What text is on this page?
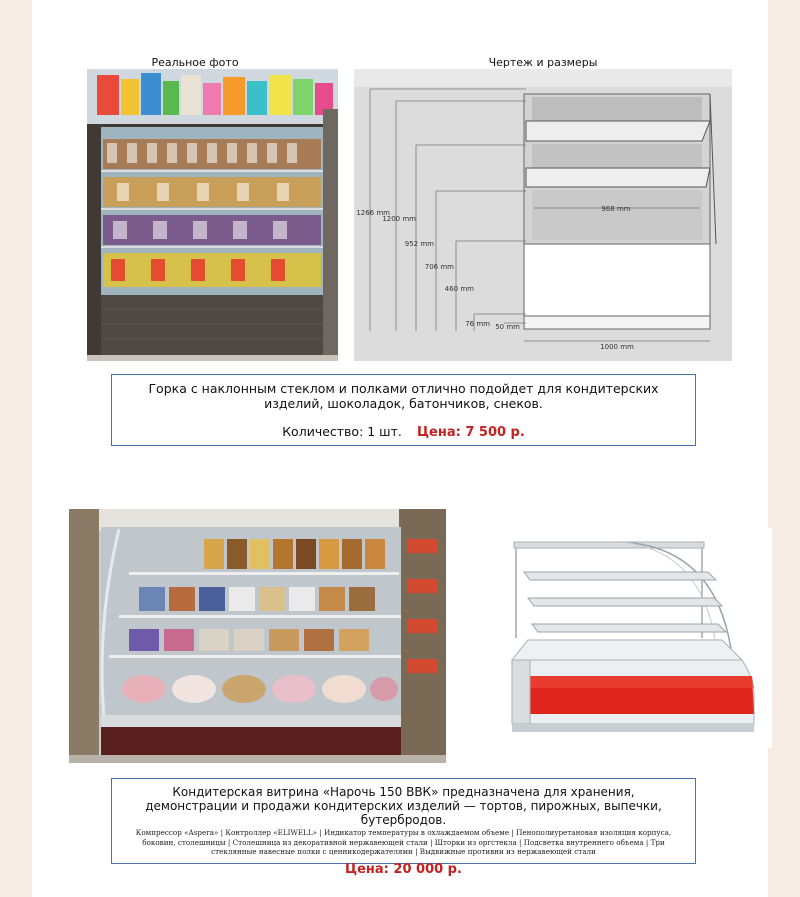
Реальное фото	Чертеж и размеры
1266 mm
1200 mm
952 mm
706 mm
460 mm
76 mm 50 mm
968 mm
1000 mm
Горка с наклонным стеклом и полками отлично подойдет для кондитерских изделий, шоколадок, батончиков, снеков.
Количество: 1 шт. Цена: 7 500 р.
Кондитерская витрина «Нарочь 150 ВВК» предназначена для хранения, демонстрации и продажи кондитерских изделий — тортов, пирожных, выпечки, бутербродов.
Компрессор «Aspera» | Контроллер «ELIWELL» | Индикатор температуры в охлаждаемом объеме | Пенополиуретановая изоляция корпуса, боковин, столешницы | Столешница из декоративной нержавеющей стали | Шторки из оргстекла | Подсветка внутреннего объема | Три стеклянные навесные полки с ценникодержателями | Выдвижные противни из нержавеющей стали
Цена: 20 000 р.
